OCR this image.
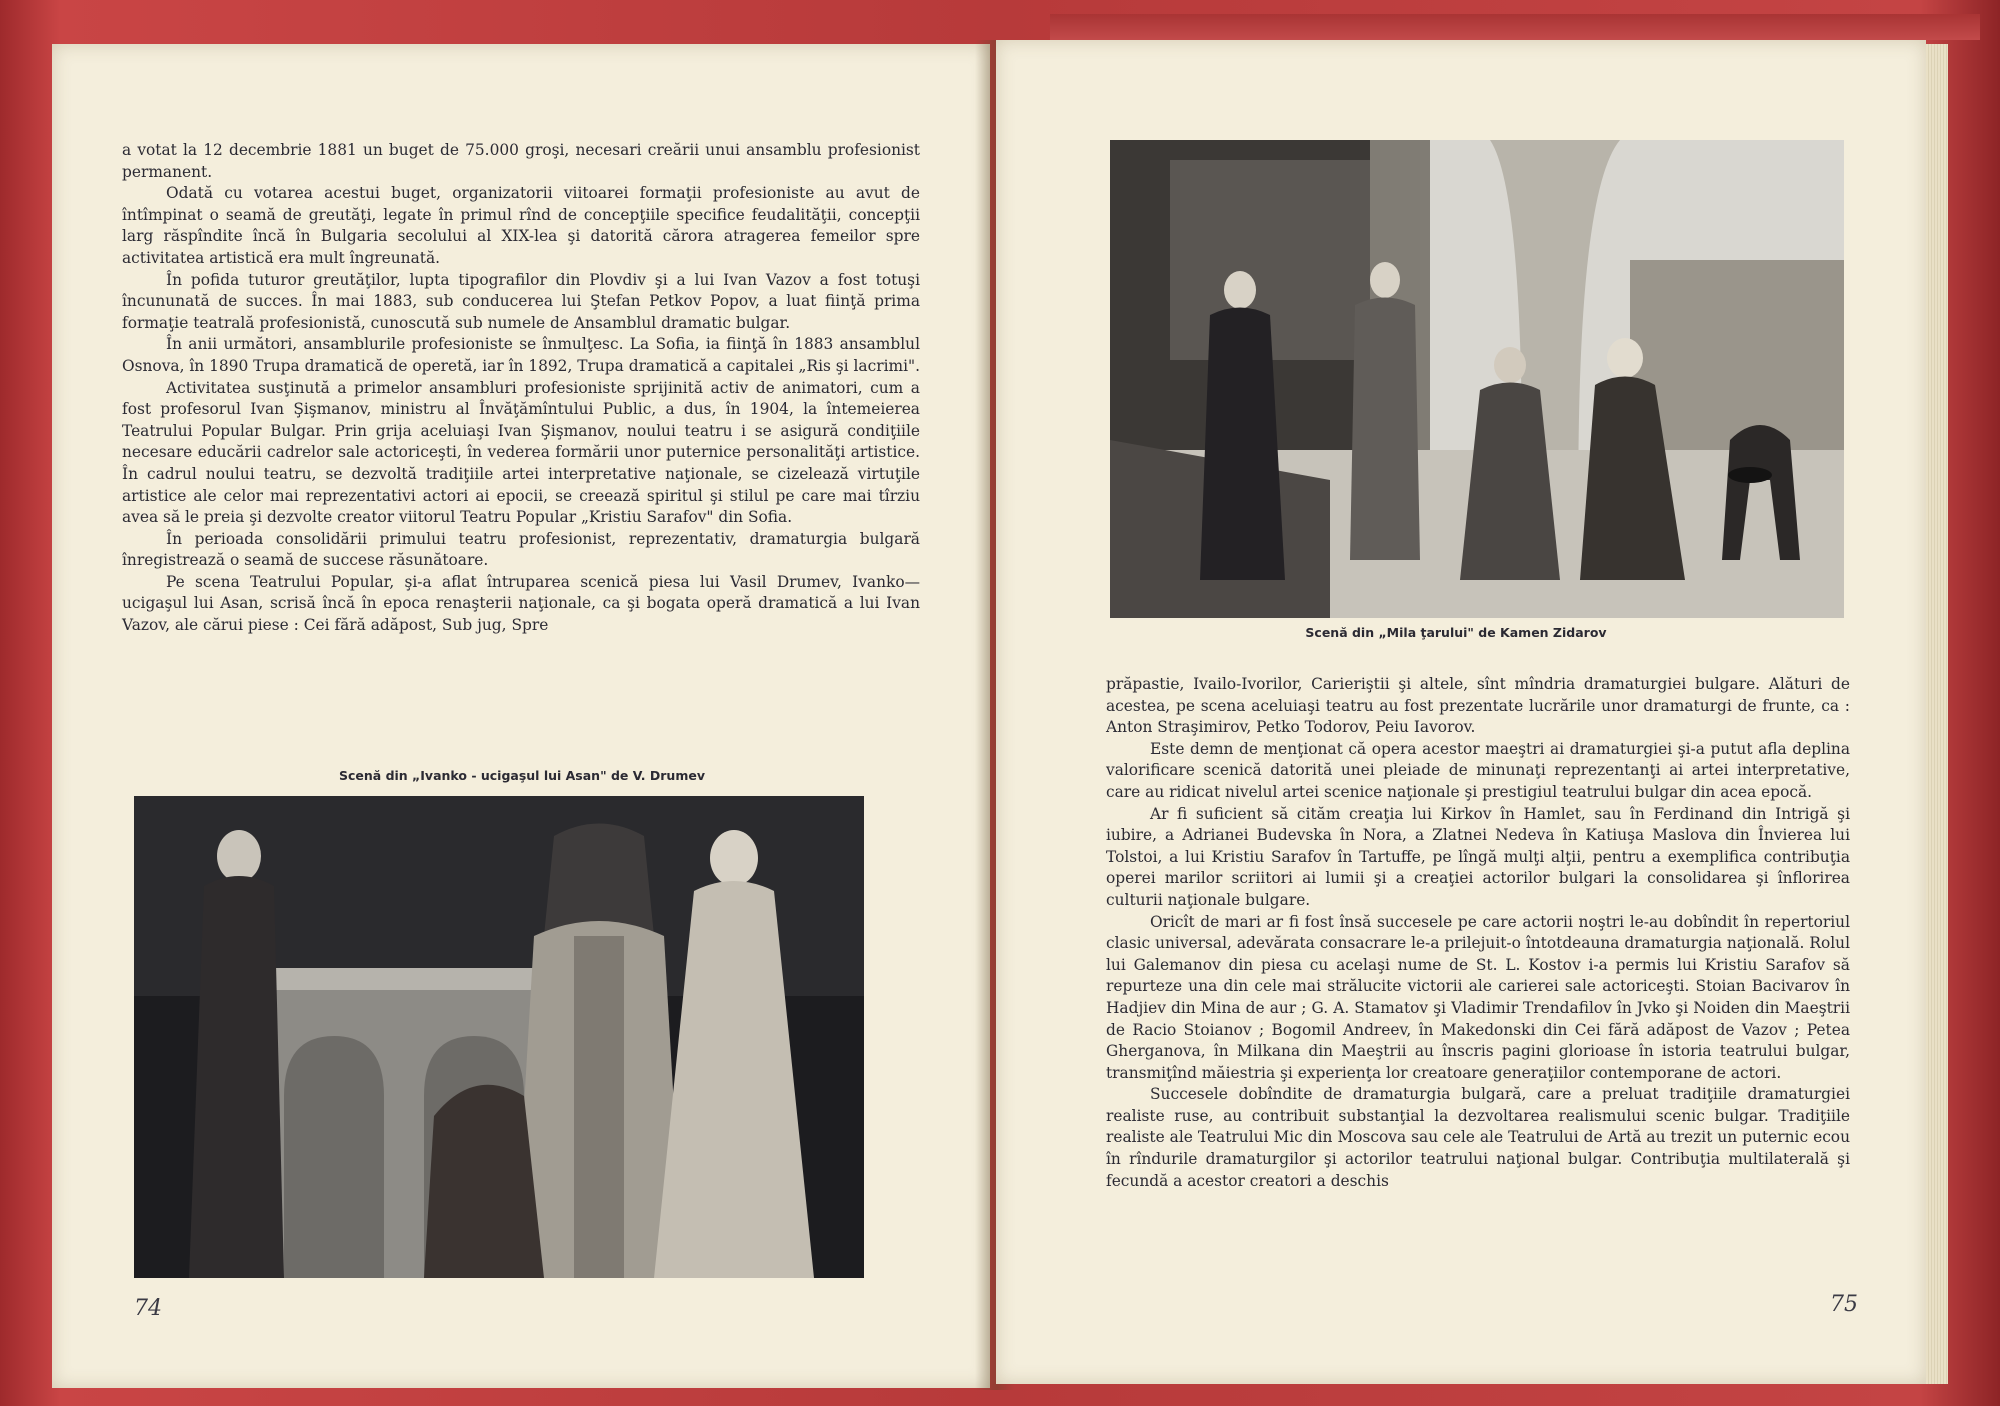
a votat la 12 decembrie 1881 un buget de 75.000 groşi, necesari creării unui ansamblu profesionist permanent.

Odată cu votarea acestui buget, organizatorii viitoarei formaţii profesioniste au avut de întîmpinat o seamă de greutăţi, legate în primul rînd de concepţiile specifice feudalităţii, concepţii larg răspîndite încă în Bulgaria secolului al XIX-lea şi datorită cărora atragerea femeilor spre activitatea artistică era mult îngreunată.

În pofida tuturor greutăţilor, lupta tipografilor din Plovdiv şi a lui Ivan Vazov a fost totuşi încununată de succes. În mai 1883, sub conducerea lui Ştefan Petkov Popov, a luat fiinţă prima formaţie teatrală profesionistă, cunoscută sub numele de Ansamblul dramatic bulgar.

În anii următori, ansamblurile profesioniste se înmulţesc. La Sofia, ia fiinţă în 1883 ansamblul Osnova, în 1890 Trupa dramatică de operetă, iar în 1892, Trupa dramatică a capitalei „Ris şi lacrimi".

Activitatea susţinută a primelor ansambluri profesioniste sprijinită activ de animatori, cum a fost profesorul Ivan Şişmanov, ministru al Învăţămîntului Public, a dus, în 1904, la întemeierea Teatrului Popular Bulgar. Prin grija aceluiaşi Ivan Şişmanov, noului teatru i se asigură condiţiile necesare educării cadrelor sale actoriceşti, în vederea formării unor puternice personalităţi artistice. În cadrul noului teatru, se dezvoltă tradiţiile artei interpretative naţionale, se cizelează virtuţile artistice ale celor mai reprezentativi actori ai epocii, se creează spiritul şi stilul pe care mai tîrziu avea să le preia şi dezvolte creator viitorul Teatru Popular „Kristiu Sarafov" din Sofia.

În perioada consolidării primului teatru profesionist, reprezentativ, dramaturgia bulgară înregistrează o seamă de succese răsunătoare.

Pe scena Teatrului Popular, şi-a aflat întruparea scenică piesa lui Vasil Drumev, Ivanko—ucigaşul lui Asan, scrisă încă în epoca renaşterii naţionale, ca şi bogata operă dramatică a lui Ivan Vazov, ale cărui piese : Cei fără adăpost, Sub jug, Spre

Scenă din „Ivanko - ucigaşul lui Asan" de V. Drumev
74
Scenă din „Mila ţarului" de Kamen Zidarov

prăpastie, Ivailo-Ivorilor, Carieriştii şi altele, sînt mîndria dramaturgiei bulgare. Alături de acestea, pe scena aceluiaşi teatru au fost prezentate lucrările unor dramaturgi de frunte, ca : Anton Straşimirov, Petko Todorov, Peiu Iavorov.

Este demn de menţionat că opera acestor maeştri ai dramaturgiei şi-a putut afla deplina valorificare scenică datorită unei pleiade de minunaţi reprezentanţi ai artei interpretative, care au ridicat nivelul artei scenice naţionale şi prestigiul teatrului bulgar din acea epocă.

Ar fi suficient să cităm creaţia lui Kirkov în Hamlet, sau în Ferdinand din Intrigă şi iubire, a Adrianei Budevska în Nora, a Zlatnei Nedeva în Katiuşa Maslova din Învierea lui Tolstoi, a lui Kristiu Sarafov în Tartuffe, pe lîngă mulţi alţii, pentru a exemplifica contribuţia operei marilor scriitori ai lumii şi a creaţiei actorilor bulgari la consolidarea şi înflorirea culturii naţionale bulgare.

Oricît de mari ar fi fost însă succesele pe care actorii noştri le-au dobîndit în repertoriul clasic universal, adevărata consacrare le-a prilejuit-o întotdeauna dramaturgia naţională. Rolul lui Galemanov din piesa cu acelaşi nume de St. L. Kostov i-a permis lui Kristiu Sarafov să repurteze una din cele mai strălucite victorii ale carierei sale actoriceşti. Stoian Bacivarov în Hadjiev din Mina de aur ; G. A. Stamatov şi Vladimir Trendafilov în Jvko şi Noiden din Maeştrii de Racio Stoianov ; Bogomil Andreev, în Makedonski din Cei fără adăpost de Vazov ; Petea Gherganova, în Milkana din Maeştrii au înscris pagini glorioase în istoria teatrului bulgar, transmiţînd măiestria şi experienţa lor creatoare generaţiilor contemporane de actori.

Succesele dobîndite de dramaturgia bulgară, care a preluat tradiţiile dramaturgiei realiste ruse, au contribuit substanţial la dezvoltarea realismului scenic bulgar. Tradiţiile realiste ale Teatrului Mic din Moscova sau cele ale Teatrului de Artă au trezit un puternic ecou în rîndurile dramaturgilor şi actorilor teatrului naţional bulgar. Contribuţia multilaterală şi fecundă a acestor creatori a deschis

75
